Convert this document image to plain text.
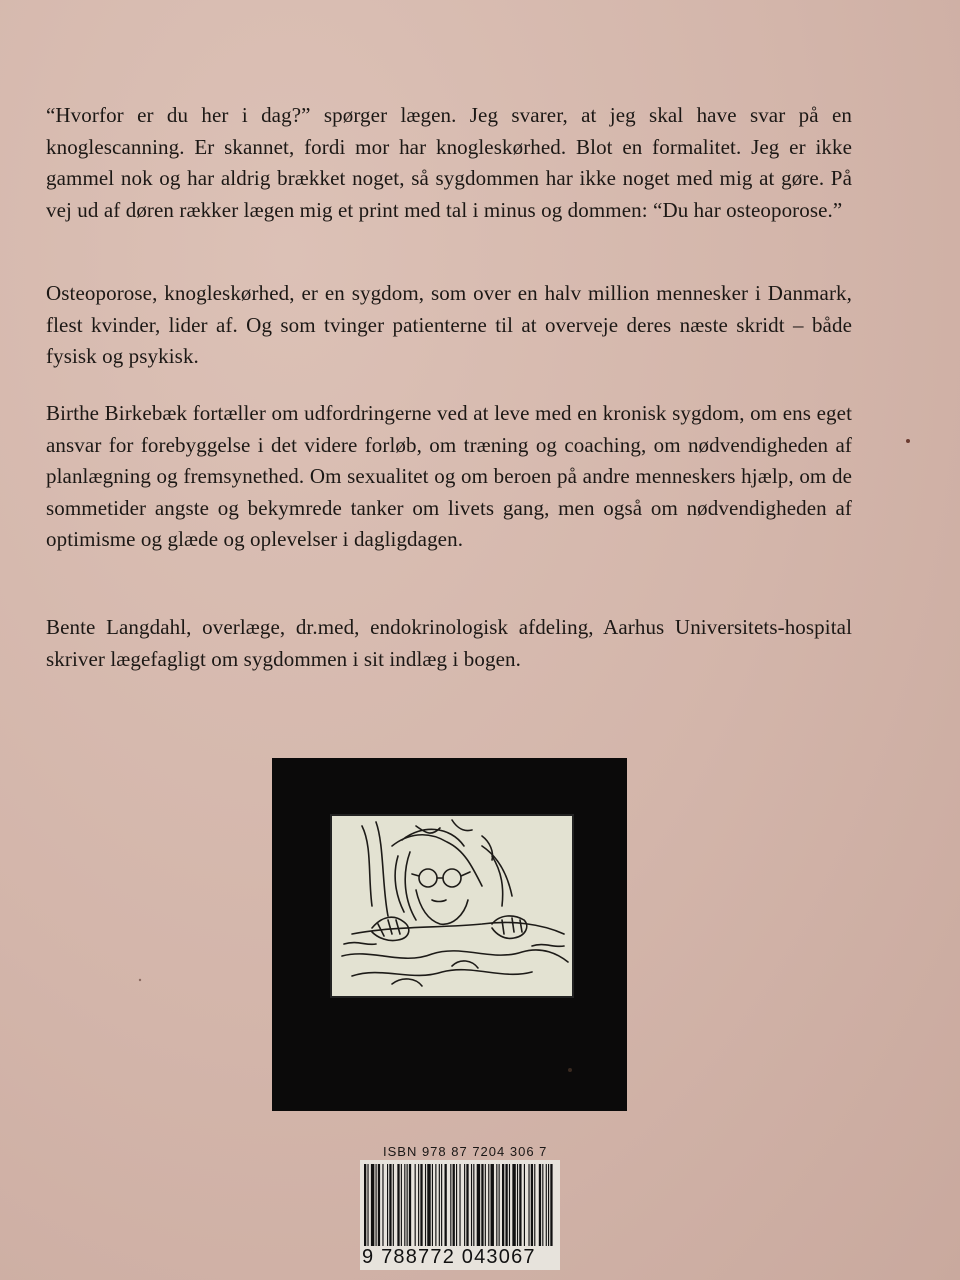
“Hvorfor er du her i dag?” spørger lægen. Jeg svarer, at jeg skal have svar på en knoglescanning. Er skannet, fordi mor har knogleskørhed. Blot en formalitet. Jeg er ikke gammel nok og har aldrig brækket noget, så sygdommen har ikke noget med mig at gøre. På vej ud af døren rækker lægen mig et print med tal i minus og dommen: “Du har osteoporose.”

Osteoporose, knogleskørhed, er en sygdom, som over en halv million mennesker i Danmark, flest kvinder, lider af. Og som tvinger patienterne til at overveje deres næste skridt – både fysisk og psykisk.

Birthe Birkebæk fortæller om udfordringerne ved at leve med en kronisk sygdom, om ens eget ansvar for forebyggelse i det videre forløb, om træning og coaching, om nødvendigheden af planlægning og fremsynethed. Om sexualitet og om beroen på andre menneskers hjælp, om de sommetider angste og bekymrede tanker om livets gang, men også om nødvendigheden af optimisme og glæde og oplevelser i dagligdagen.

Bente Langdahl, overlæge, dr.med, endokrinologisk afdeling, Aarhus Universitets-hospital skriver lægefagligt om sygdommen i sit indlæg i bogen.

ISBN 978 87 7204 306 7
9 788772 043067
